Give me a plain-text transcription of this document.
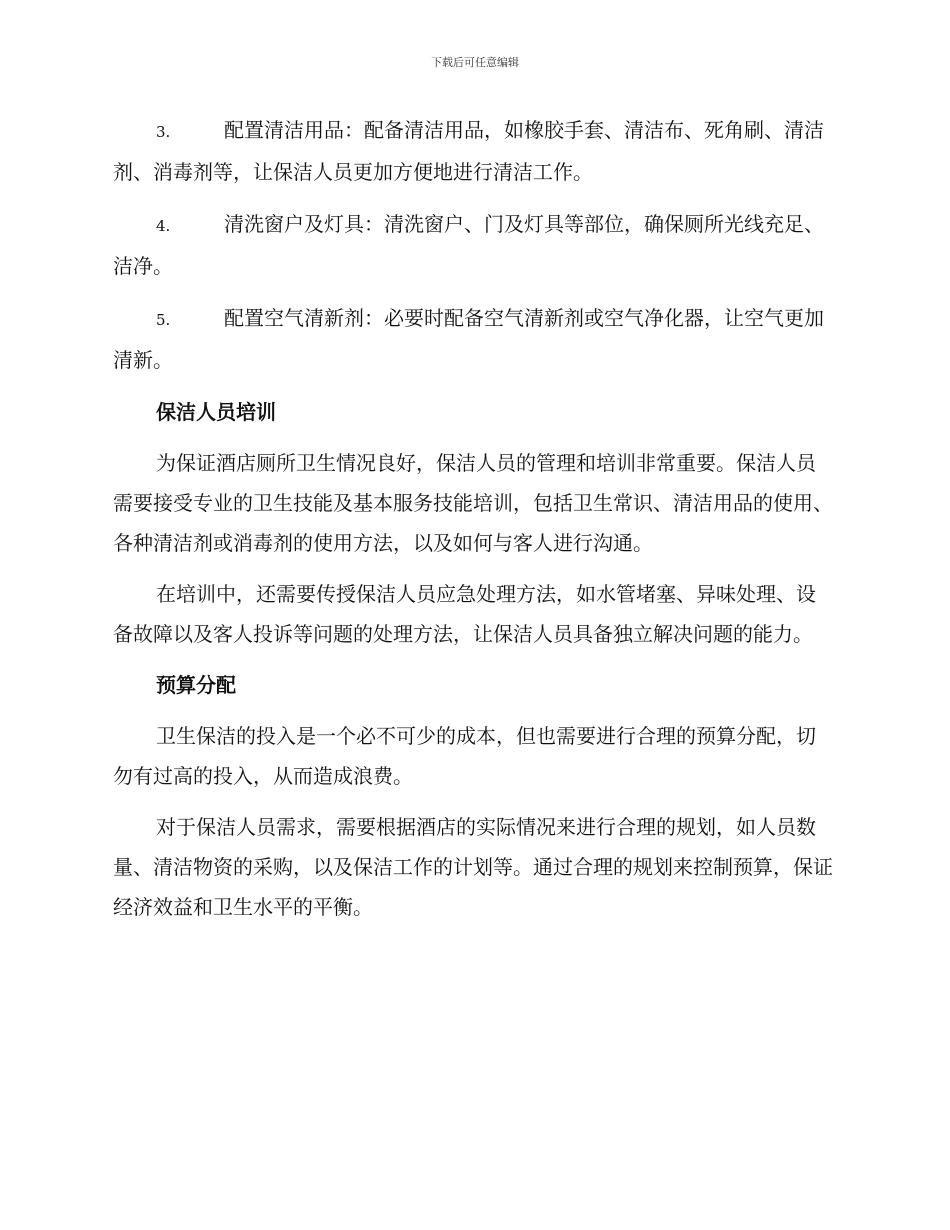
下载后可任意编辑

3.	配置清洁用品：配备清洁用品，如橡胶手套、清洁布、死角刷、清洁剂、消毒剂等，让保洁人员更加方便地进行清洁工作。

4.	清洗窗户及灯具：清洗窗户、门及灯具等部位，确保厕所光线充足、洁净。

5.	配置空气清新剂：必要时配备空气清新剂或空气净化器，让空气更加清新。

保洁人员培训

为保证酒店厕所卫生情况良好，保洁人员的管理和培训非常重要。保洁人员需要接受专业的卫生技能及基本服务技能培训，包括卫生常识、清洁用品的使用、各种清洁剂或消毒剂的使用方法，以及如何与客人进行沟通。

在培训中，还需要传授保洁人员应急处理方法，如水管堵塞、异味处理、设备故障以及客人投诉等问题的处理方法，让保洁人员具备独立解决问题的能力。

预算分配

卫生保洁的投入是一个必不可少的成本，但也需要进行合理的预算分配，切勿有过高的投入，从而造成浪费。

对于保洁人员需求，需要根据酒店的实际情况来进行合理的规划，如人员数量、清洁物资的采购，以及保洁工作的计划等。通过合理的规划来控制预算，保证经济效益和卫生水平的平衡。
